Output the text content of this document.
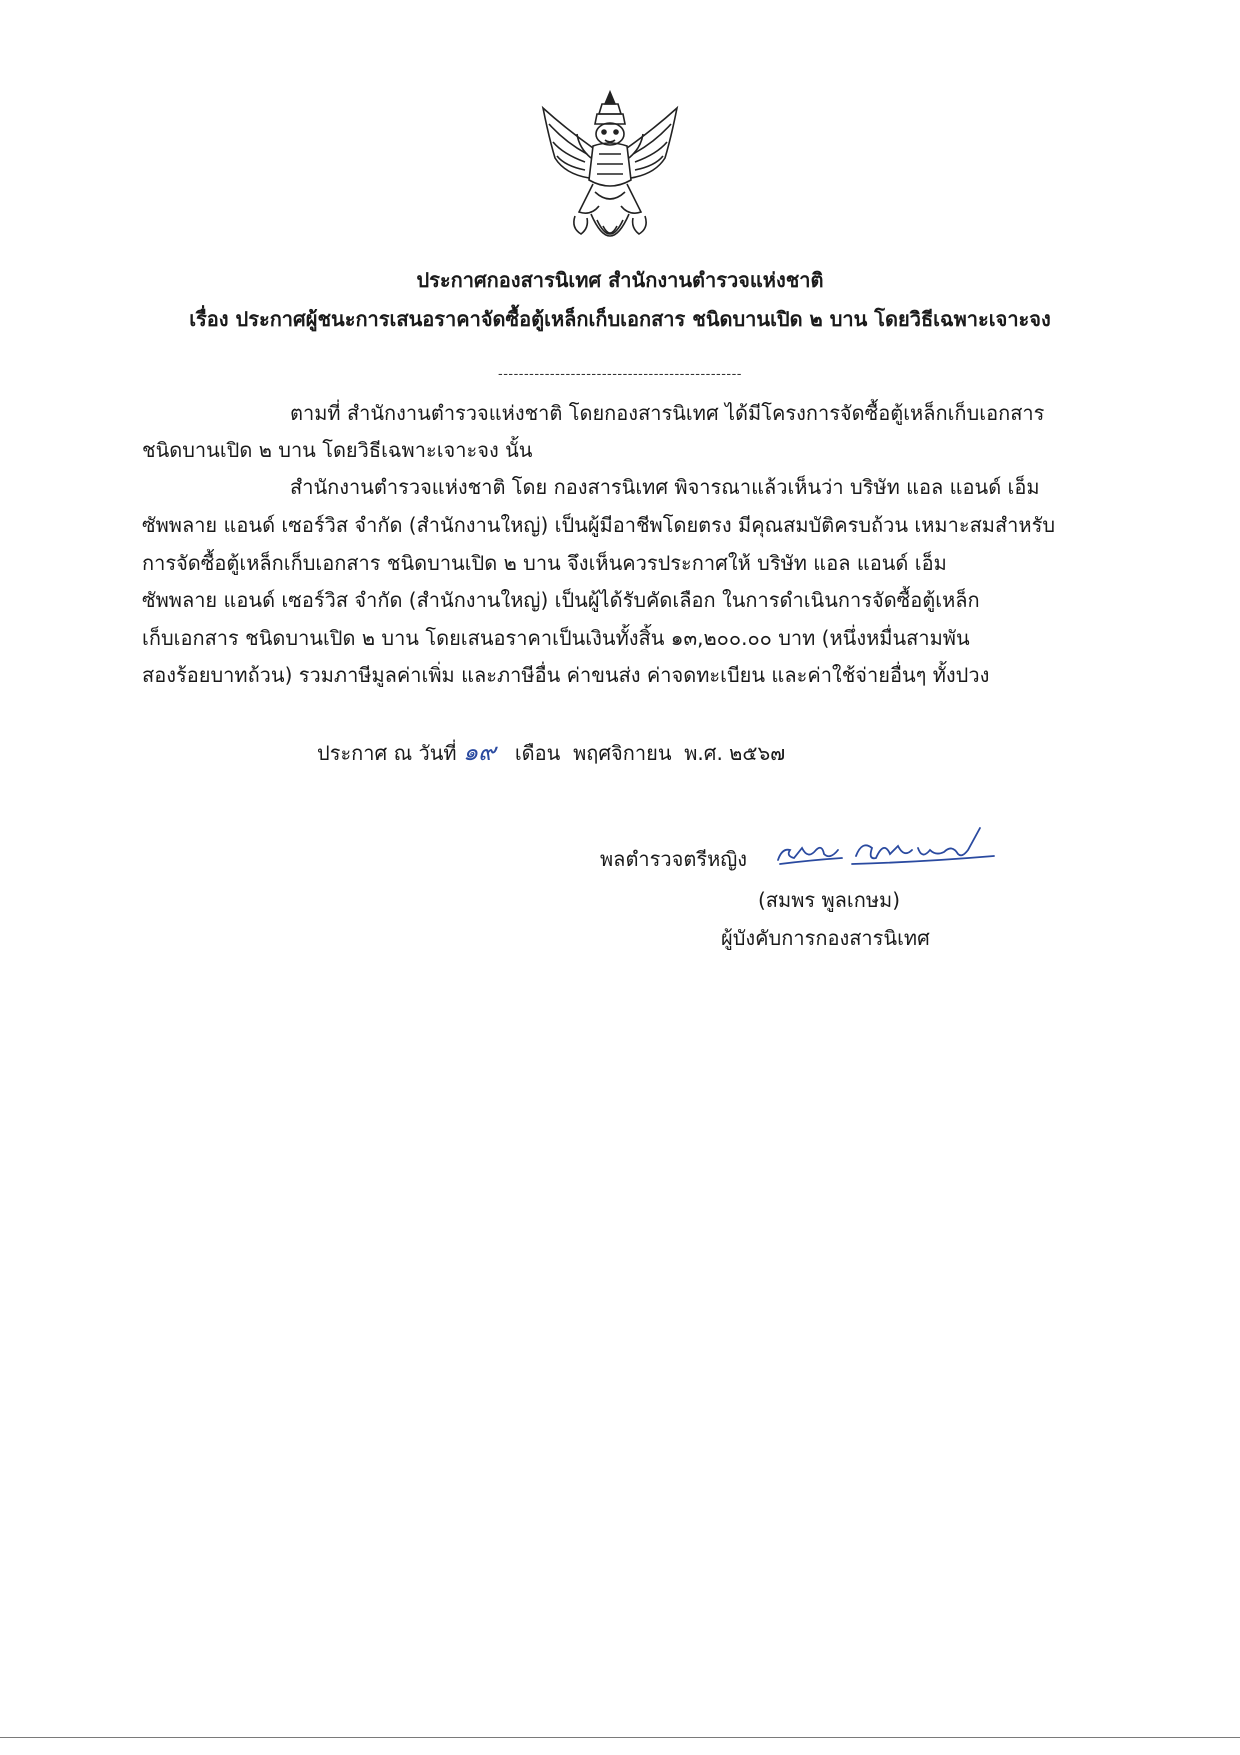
ประกาศกองสารนิเทศ สำนักงานตำรวจแห่งชาติ
เรื่อง ประกาศผู้ชนะการเสนอราคาจัดซื้อตู้เหล็กเก็บเอกสาร ชนิดบานเปิด ๒ บาน โดยวิธีเฉพาะเจาะจง
-----------------------------------------------
ตามที่ สำนักงานตำรวจแห่งชาติ โดยกองสารนิเทศ ได้มีโครงการจัดซื้อตู้เหล็กเก็บเอกสาร
ชนิดบานเปิด ๒ บาน โดยวิธีเฉพาะเจาะจง นั้น
สำนักงานตำรวจแห่งชาติ โดย กองสารนิเทศ พิจารณาแล้วเห็นว่า บริษัท แอล แอนด์ เอ็ม
ซัพพลาย แอนด์ เซอร์วิส จำกัด (สำนักงานใหญ่) เป็นผู้มีอาชีพโดยตรง มีคุณสมบัติครบถ้วน เหมาะสมสำหรับ
การจัดซื้อตู้เหล็กเก็บเอกสาร ชนิดบานเปิด ๒ บาน จึงเห็นควรประกาศให้ บริษัท แอล แอนด์ เอ็ม
ซัพพลาย แอนด์ เซอร์วิส จำกัด (สำนักงานใหญ่) เป็นผู้ได้รับคัดเลือก ในการดำเนินการจัดซื้อตู้เหล็ก
เก็บเอกสาร ชนิดบานเปิด ๒ บาน โดยเสนอราคาเป็นเงินทั้งสิ้น ๑๓,๒๐๐.๐๐ บาท (หนึ่งหมื่นสามพัน
สองร้อยบาทถ้วน) รวมภาษีมูลค่าเพิ่ม และภาษีอื่น ค่าขนส่ง ค่าจดทะเบียน และค่าใช้จ่ายอื่นๆ ทั้งปวง
ประกาศ ณ วันที่ ๑๙ เดือน พฤศจิกายน พ.ศ. ๒๕๖๗
พลตำรวจตรีหญิง
(สมพร พูลเกษม)
ผู้บังคับการกองสารนิเทศ
